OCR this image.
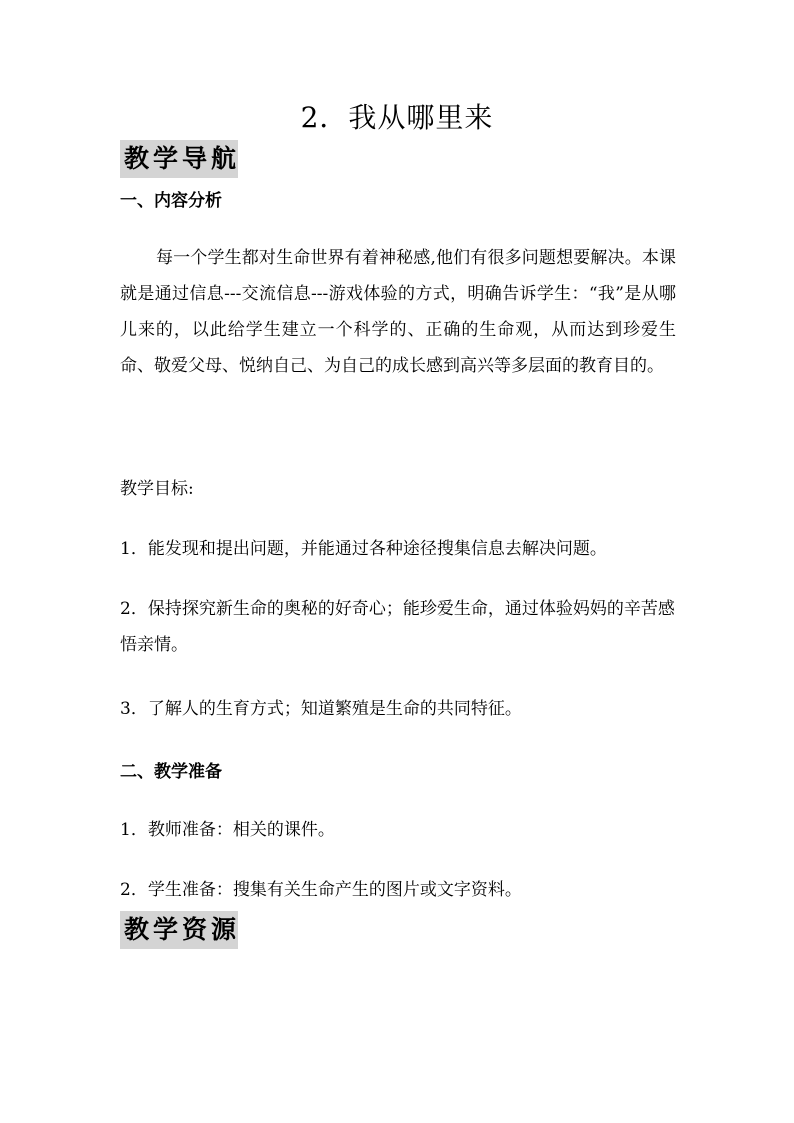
2．我从哪里来
教学导航
一、内容分析
每一个学生都对生命世界有着神秘感,他们有很多问题想要解决。本课就是通过信息---交流信息---游戏体验的方式，明确告诉学生：“我”是从哪儿来的，以此给学生建立一个科学的、正确的生命观，从而达到珍爱生命、敬爱父母、悦纳自己、为自己的成长感到高兴等多层面的教育目的。
教学目标:
1．能发现和提出问题，并能通过各种途径搜集信息去解决问题。
2．保持探究新生命的奥秘的好奇心；能珍爱生命，通过体验妈妈的辛苦感悟亲情。
3．了解人的生育方式；知道繁殖是生命的共同特征。
二、教学准备
1．教师准备：相关的课件。
2．学生准备：搜集有关生命产生的图片或文字资料。
教学资源
